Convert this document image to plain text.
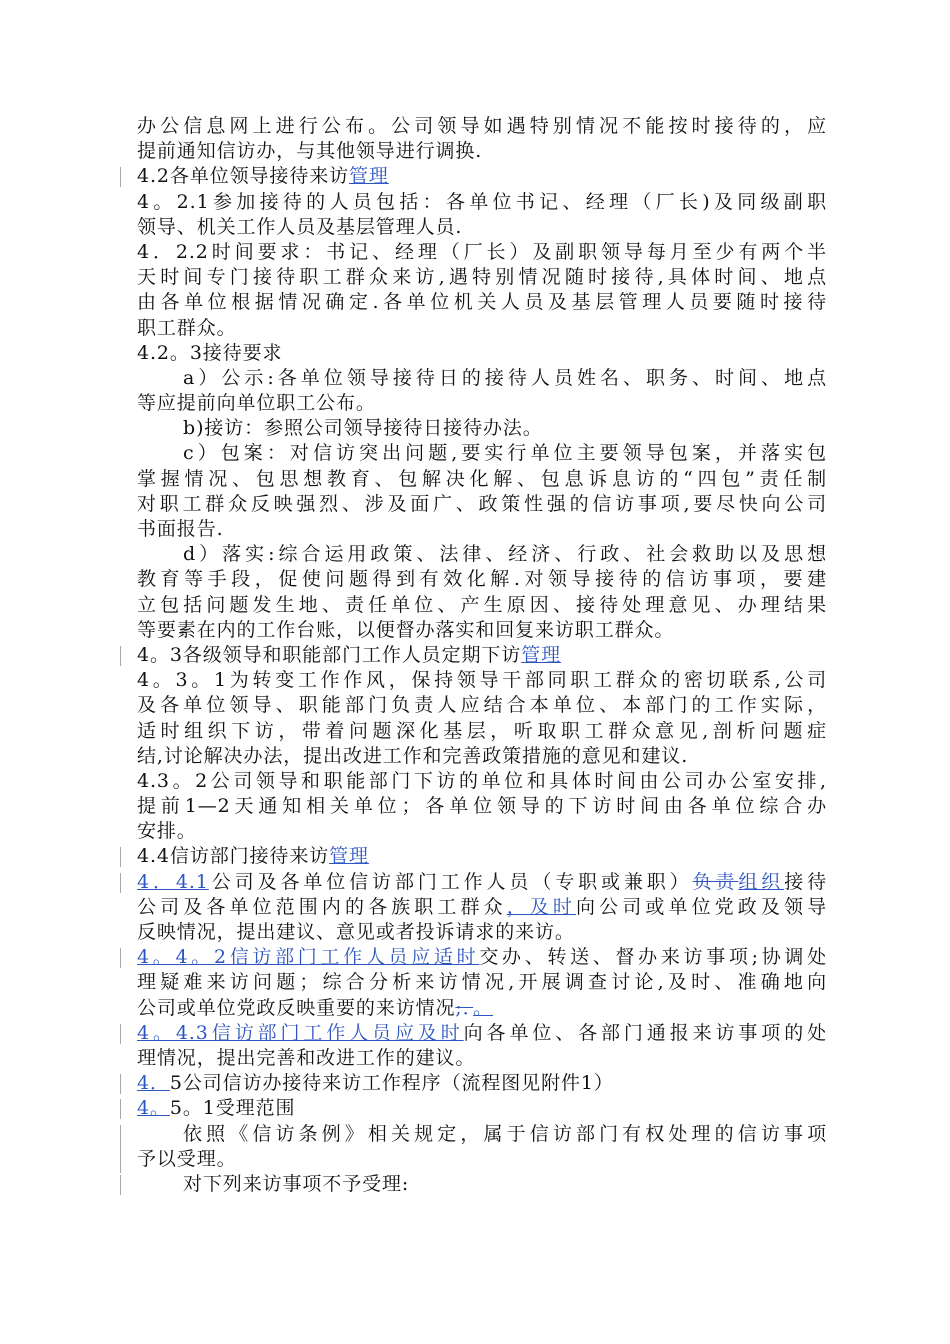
办公信息网上进行公布。公司领导如遇特别情况不能按时接待的，应
提前通知信访办，与其他领导进行调换.
4.2各单位领导接待来访管理
4。2.1参加接待的人员包括：各单位书记、经理（厂长)及同级副职
领导、机关工作人员及基层管理人员.
4．2.2时间要求：书记、经理（厂长）及副职领导每月至少有两个半
天时间专门接待职工群众来访,遇特别情况随时接待,具体时间、地点
由各单位根据情况确定.各单位机关人员及基层管理人员要随时接待
职工群众。
4.2。3接待要求
a）公示:各单位领导接待日的接待人员姓名、职务、时间、地点
等应提前向单位职工公布。
b)接访：参照公司领导接待日接待办法。
c）包案：对信访突出问题,要实行单位主要领导包案，并落实包
掌握情况、包思想教育、包解决化解、包息诉息访的“四包”责任制
对职工群众反映强烈、涉及面广、政策性强的信访事项,要尽快向公司
书面报告.
d）落实:综合运用政策、法律、经济、行政、社会救助以及思想
教育等手段，促使问题得到有效化解.对领导接待的信访事项，要建
立包括问题发生地、责任单位、产生原因、接待处理意见、办理结果
等要素在内的工作台账，以便督办落实和回复来访职工群众。
4。3各级领导和职能部门工作人员定期下访管理
4。3。1为转变工作作风，保持领导干部同职工群众的密切联系,公司
及各单位领导、职能部门负责人应结合本单位、本部门的工作实际，
适时组织下访，带着问题深化基层，听取职工群众意见,剖析问题症
结,讨论解决办法，提出改进工作和完善政策措施的意见和建议.
4.3。2公司领导和职能部门下访的单位和具体时间由公司办公室安排,
提前1—2天通知相关单位；各单位领导的下访时间由各单位综合办
安排。
4.4信访部门接待来访管理
4．4.1公司及各单位信访部门工作人员（专职或兼职）负责组织接待
公司及各单位范围内的各族职工群众，及时向公司或单位党政及领导
反映情况，提出建议、意见或者投诉请求的来访。
4。4。2信访部门工作人员应适时交办、转送、督办来访事项;协调处
理疑难来访问题；综合分析来访情况,开展调查讨论,及时、准确地向
公司或单位党政反映重要的来访情况;．。
4。4.3信访部门工作人员应及时向各单位、各部门通报来访事项的处
理情况，提出完善和改进工作的建议。
4．5公司信访办接待来访工作程序（流程图见附件1）
4。5。1受理范围
依照《信访条例》相关规定，属于信访部门有权处理的信访事项
予以受理。
对下列来访事项不予受理:
